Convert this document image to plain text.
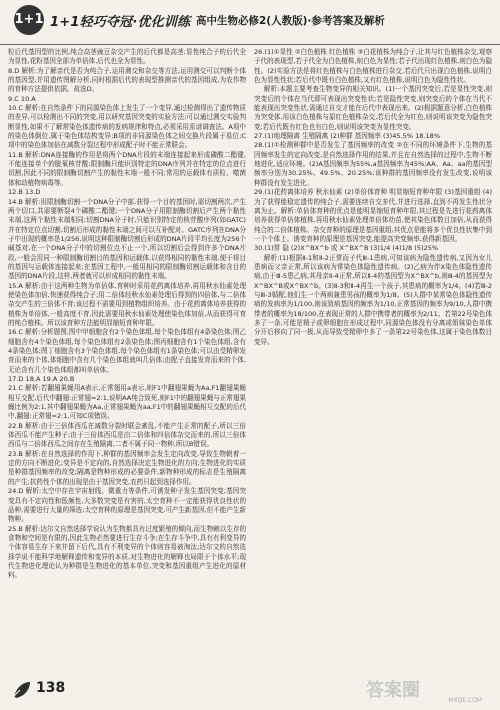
1+1 1+1轻巧夺冠·优化训练 高中生物必修2(人教版)·参考答案及解析

粒后代基因型的比例,纯合高茎豌豆杂交产生的后代都是高茎;显性纯合子的后代全为显性,花粉基因全部为单倍体,后代也全为显性。

8.D 解析:为了解亲代是否为纯合子,运用测交和杂交等方法,运用测交可以判断个体的基因型,并用遗传图解分析,同时根据后代的表现型推测亲代的基因组成,为农作物的育种方法提供依据。故选D。

9.C 10.A

10.C 解析:在自然条件下的同源染色体上发生了一个变异,通过检测得出了遗传物质的差异,可以检测出不同的突变,用以研究基因突变的实验方法;可以通过测交实验判断显性,如果不了解常染色体遗传病的发病规律和特点,必须采用系谱调查法。A项中的染色体倒位,属于染色体结构变异;B项的非同源染色体之间交换片段属于易位;C项中的染色体加倍在减数分裂过程中形成配子时不能正常联会。

11.B 解析:DNA连接酶的作用是将两个DNA片段的末端连接起来形成磷酸二酯键,不能连接单个的脱氧核苷酸;限制酶只能识别特定的DNA序列并在特定的位点进行切割,因此不同的限制酶切割产生的黏性末端一般不同;常用的运载体有质粒、噬菌体和动植物病毒等。

12.B 13.D

14.B 解析:用限制酶切割一个DNA分子中部,获得一个目的基因时,需切割两次,产生两个切口,共需要断裂4个磷酸二酯键;一个DNA分子用限制酶切割后产生两个黏性末端,这两个黏性末端相同;切割DNA分子时,只能识别特定的核苷酸序列(如GATC)并在特定位点切割,切割后形成的黏性末端之间可以互补配对。GATC序列在DNA分子中出现的概率是1/256,说明这种限制酶切割后形成的DNA片段平均长度为256个碱基对,在一个DNA分子中的切割位点不止一个,所以切割后会得到许多个DNA片段,一般会用同一种限制酶切割目的基因和运载体,以获得相同的黏性末端,便于将目的基因与运载体连接起来;在基因工程中,一般用相同的限制酶切割运载体和含目的基因的DNA片段,这样,两者就可以形成相同的黏性末端。

15.A 解析:由于这两种生物为单倍体,育种时采用花药离体培养,再用秋水仙素处理使染色体加倍,快速获得纯合子;用二倍体经秋水仙素处理后得到的四倍体,与二倍体杂交产生的三倍体不育;该过程不需要用到植物组织培养。由于花药离体培养获得的植株为单倍体,一般高度不育,因此需要用秋水仙素处理使染色体加倍,从而获得可育的纯合植株。所以该育种方法能明显缩短育种年限。

16.C 解析:分析题图,图中甲细胞含有2个染色体组,每个染色体组有4条染色体;图乙细胞含有4个染色体组,每个染色体组有2条染色体;图丙细胞含有1个染色体组,含有4条染色体;图丁细胞含有3个染色体组,每个染色体组有1条染色体;可以由受精卵发育而来的个体,体细胞中含有几个染色体组就叫几倍体;由配子直接发育而来的个体,无论含有几个染色体组都叫单倍体。

17.D 18.A 19.A 20.B

21.C 解析:若翻翅果蝇用A表示,正常翅用a表示,则F1中翻翅果蝇为Aa,F1翻翅果蝇相互交配,后代中翻翅:正常翅=2:1,说明AA纯合致死,则F1中的翻翅果蝇与正常翅果蝇比例为2:1,其中翻翅果蝇为Aa,正常翅果蝇为aa,F1中的翻翅果蝇相互交配的后代中,翻翅:正常翅=2:1,可知C项错误。

22.B 解析:由于三倍体西瓜在减数分裂时联会紊乱,不能产生正常的配子,所以三倍体西瓜不能产生种子;由于三倍体西瓜是由二倍体和四倍体杂交而来的,所以三倍体西瓜与二倍体西瓜之间存在生殖隔离,二者不属于同一物种,所以B错误。

23.B 解析:在自然选择的作用下,种群的基因频率会发生定向改变,导致生物朝着一定的方向不断进化;变异是不定向的,自然选择决定生物进化的方向;生物进化的实质是种群基因频率的改变;隔离是物种形成的必要条件,新物种形成的标志是生殖隔离的产生;抗药性个体的出现是由于基因突变,农药只起到选择作用。

24.D 解析:太空中存在宇宙射线、微重力等条件,可诱发种子发生基因突变;基因突变具有不定向性和低频性,大多数突变是有害的,太空育种不一定能获得优良性状的品种,需要进行大量的筛选;太空育种的原理是基因突变,可产生新基因,但不能产生新物种。

25.B 解析:达尔文自然选择学说认为生物都具有过度繁殖的倾向,而生物赖以生存的食物和空间是有限的,因此生物必然要进行生存斗争;在生存斗争中,具有有利变异的个体容易生存下来并留下后代,具有不利变异的个体则容易被淘汰;达尔文的自然选择学说不能科学地解释遗传和变异的本质,对生物进化的解释也局限于个体水平;现代生物进化理论认为种群是生物进化的基本单位,突变和基因重组产生进化的原材料。

26.(1)①显性 ②白色植株 红色植株 ③白花植株为纯合子,让其与红色植株杂交,观察子代的表现型,若子代全为白色植株,则白色为显性;若子代出现红色植株,则白色为隐性。(2)实验方法是将红色植株与白色植株进行杂交,若后代只出现白色植株,说明白色为显性性状;若后代中既有白色植株,又有红色植株,说明白色为隐性性状。

解析:本题主要考查生物变异的相关知识。(1)一个基因突变后,若是显性突变,则突变后的个体在当代即可表现出突变性状;若是隐性突变,则突变后的个体在当代不能表现出突变性状,需通过自交才能在后代中表现出来。(2)根据题意分析,白色植株为突变体,用该白色植株与原红色植株杂交,若后代全为红色,则说明该突变为隐性突变;若后代既有红色也有白色,则说明该突变为显性突变。

27.(1)地理隔离 生殖隔离 (2)种群 基因频率 (3)45.5% 18.18%

28.(1)①检测种群中是否发生了基因频率的改变 ②在不同的环境条件下,生物的基因频率发生的定向改变,是自然选择作用的结果,并且在自然选择的过程中,生物不断地进化,适应环境。(2)A基因频率为55%,a基因频率为45%;AA、Aa、aa的基因型频率分别为30.25%、49.5%、20.25%;该种群的基因频率没有发生改变,说明该种群没有发生进化。

29.(1)花药离体培养 秋水仙素 (2)单倍体育种 明显缩短育种年限 (3)基因重组 (4)为了获得能稳定遗传的纯合子,需要连续自交多代,并进行选择,直到不再发生性状分离为止。解析:单倍体育种的优点是能明显缩短育种年限,其过程是先进行花药离体培养获得单倍体植株,再用秋水仙素处理单倍体幼苗,使其染色体数目加倍,从而获得纯合的二倍体植株。杂交育种的原理是基因重组,其优点是能将多个优良性状集中到一个个体上。诱变育种的原理是基因突变,能提高突变频率,获得新基因。

30.(1)常 隐 (2)X^BX^b 或 X^BX^B (3)1/4 (4)1/8 (5)25%

解析:(1)根据Ⅱ-1和Ⅱ-2正常而子代Ⅲ-1患病,可知该病为隐性遗传病,又因为女儿患病而父亲正常,所以该病为常染色体隐性遗传病。(2)乙病为伴X染色体隐性遗传病,由于Ⅲ-5患乙病,其母亲Ⅱ-4正常,所以Ⅱ-4的基因型为X^BX^b,则Ⅲ-4的基因型为X^BX^B或X^BX^b。(3)Ⅱ-3和Ⅱ-4再生一个孩子,其患病的概率为1/4。(4)若Ⅲ-2与Ⅲ-3婚配,他们生一个两病兼患男孩的概率为1/8。(5)人群中某常染色体隐性遗传病的发病率为1/100,则该致病基因的频率为1/10,正常基因的频率为9/10,人群中携带者的概率为18/100,在表现正常的人群中携带者的概率为2/11。若第22号染色体多了一条,可能是精子或卵细胞在形成过程中,同源染色体没有分离或姐妹染色单体分开后移向了同一极,从而导致受精卵中多了一条第22号染色体,这属于染色体数目变异。

138	答案圈	MXQE.COM
